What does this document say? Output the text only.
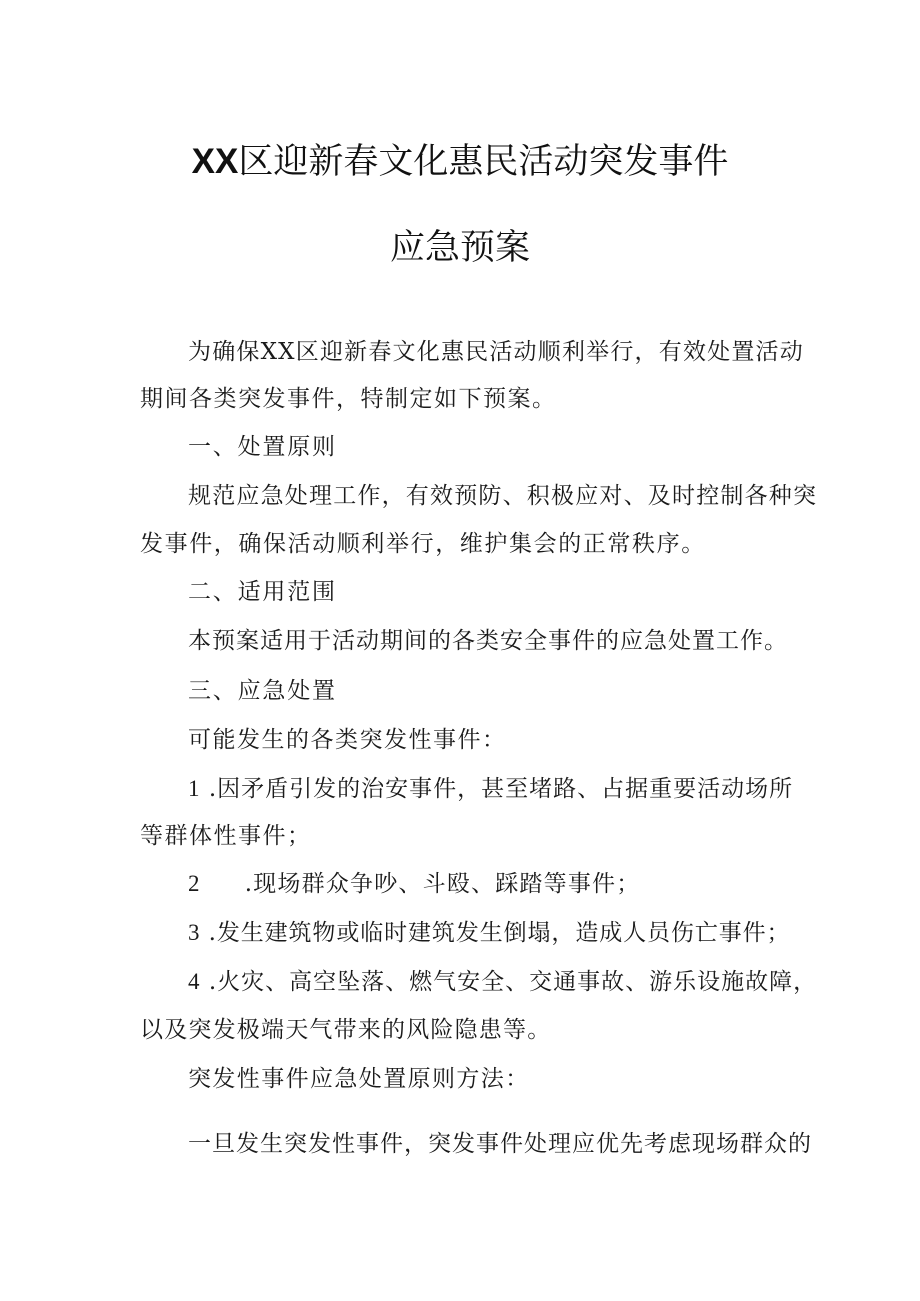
XX区迎新春文化惠民活动突发事件
应急预案
为确保XX区迎新春文化惠民活动顺利举行，有效处置活动
期间各类突发事件，特制定如下预案。
一、处置原则
规范应急处理工作，有效预防、积极应对、及时控制各种突
发事件，确保活动顺利举行，维护集会的正常秩序。
二、适用范围
本预案适用于活动期间的各类安全事件的应急处置工作。
三、应急处置
可能发生的各类突发性事件：
1 .因矛盾引发的治安事件，甚至堵路、占据重要活动场所
等群体性事件；
2 .现场群众争吵、斗殴、踩踏等事件；
3 .发生建筑物或临时建筑发生倒塌，造成人员伤亡事件；
4 .火灾、高空坠落、燃气安全、交通事故、游乐设施故障，
以及突发极端天气带来的风险隐患等。
突发性事件应急处置原则方法：
一旦发生突发性事件，突发事件处理应优先考虑现场群众的
